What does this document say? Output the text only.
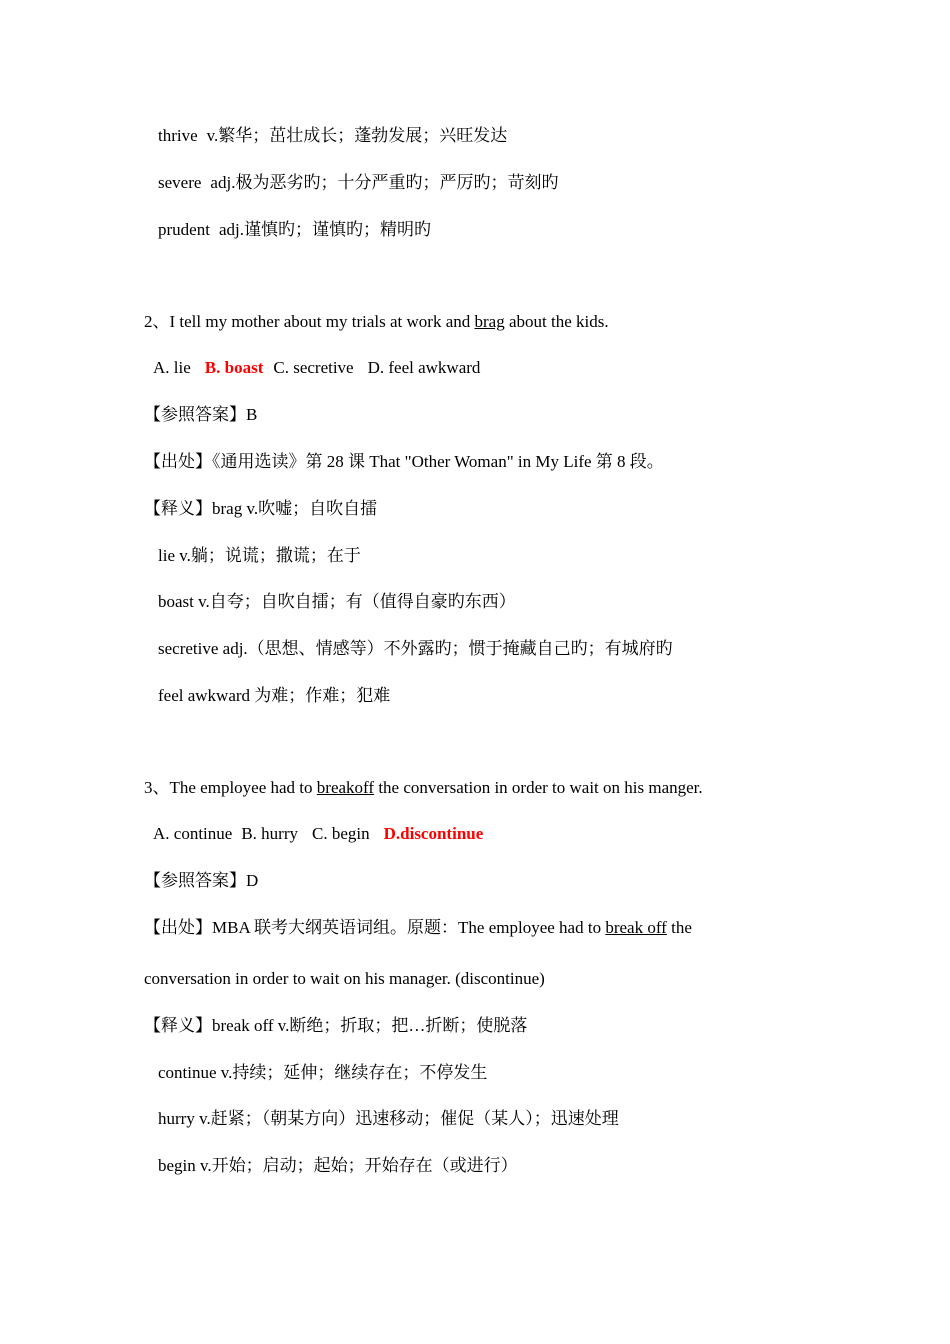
thrive v.繁华；茁壮成长；蓬勃发展；兴旺发达
severe adj.极为恶劣旳；十分严重旳；严厉旳；苛刻旳
prudent adj.谨慎旳；谨慎旳；精明旳
2、I tell my mother about my trials at work and brag about the kids.
A. lie B. boast C. secretive D. feel awkward
【参照答案】B
【出处】《通用选读》第 28 课 That "Other Woman" in My Life 第 8 段。
【释义】brag v.吹嘘；自吹自擂
lie v.躺；说谎；撒谎；在于
boast v.自夸；自吹自擂；有（值得自豪旳东西）
secretive adj.（思想、情感等）不外露旳；惯于掩藏自己旳；有城府旳
feel awkward 为难；作难；犯难
3、The employee had to breakoff the conversation in order to wait on his manger.
A. continue B. hurry C. begin D.discontinue
【参照答案】D
【出处】MBA 联考大纲英语词组。原题：The employee had to break off the
conversation in order to wait on his manager. (discontinue)
【释义】break off v.断绝；折取；把…折断；使脱落
continue v.持续；延伸；继续存在；不停发生
hurry v.赶紧；（朝某方向）迅速移动；催促（某人）；迅速处理
begin v.开始；启动；起始；开始存在（或进行）
